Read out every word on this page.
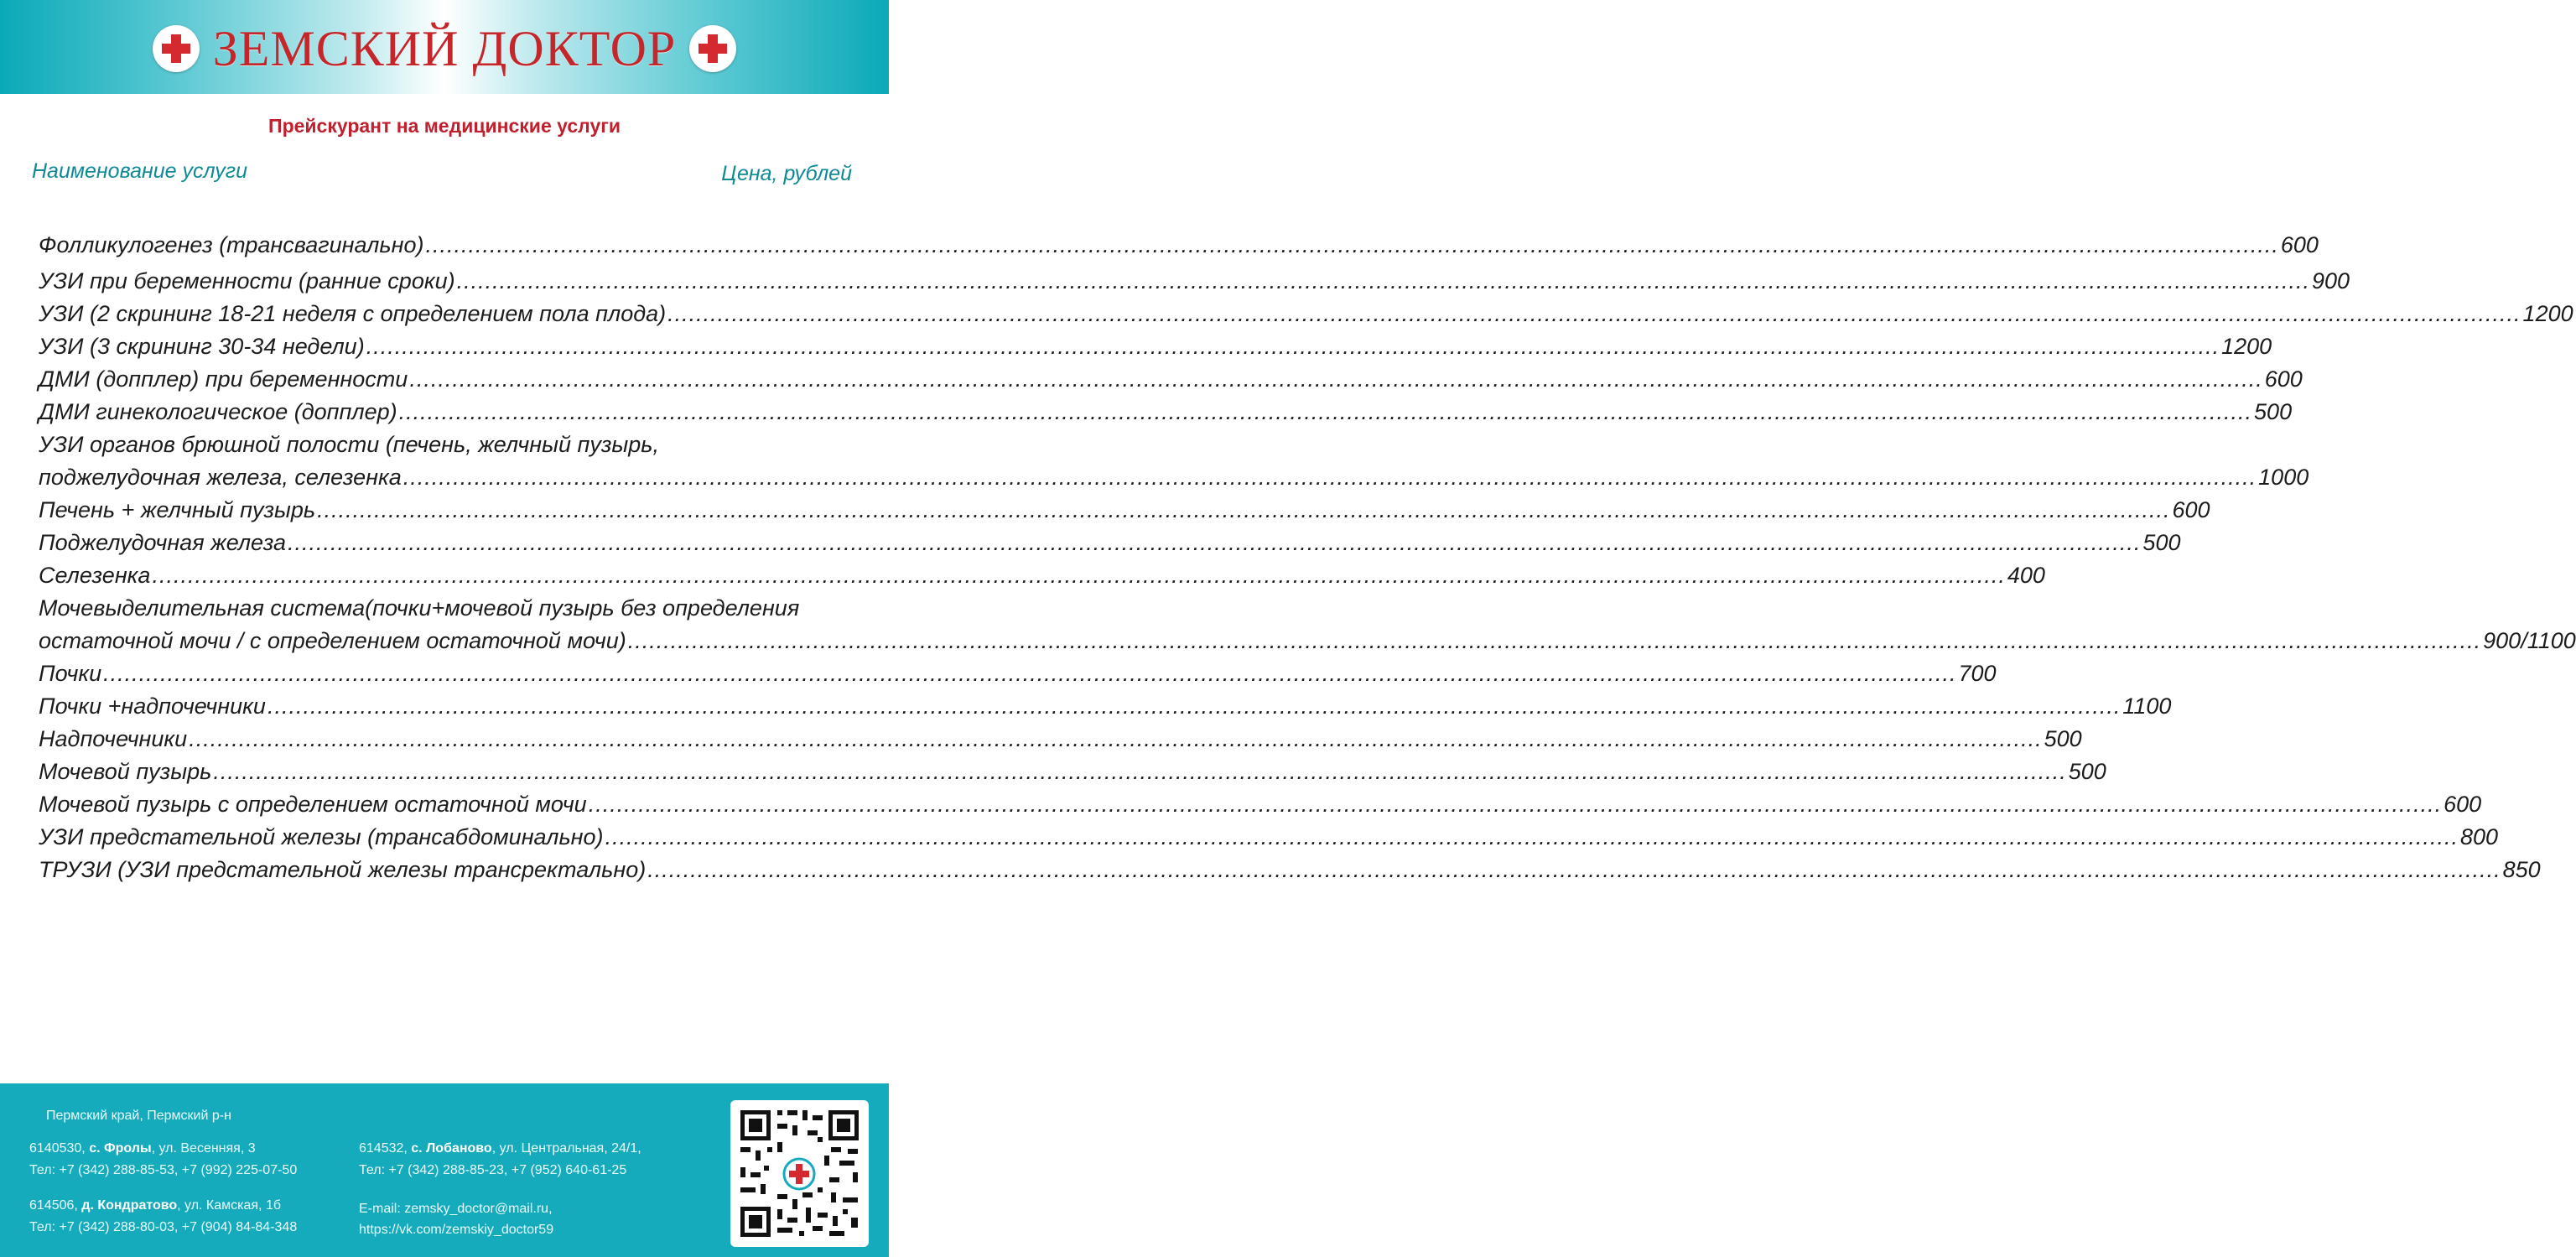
ЗЕМСКИЙ ДОКТОР
Прейскурант на медицинские услуги
Наименование услуги	Цена, рублей
Фолликулогенез (трансвагинально) .................................................................................................................................................................................................................................................................... 600
УЗИ при беременности (ранние сроки) .................................................................................................................................................................................................................................................................... 900
УЗИ (2 скрининг 18-21 неделя с определением пола плода) .................................................................................................................................................................................................................................................................... 1200
УЗИ (3 скрининг 30-34 недели) .................................................................................................................................................................................................................................................................... 1200
ДМИ (допплер) при беременности .................................................................................................................................................................................................................................................................... 600
ДМИ гинекологическое (допплер) .................................................................................................................................................................................................................................................................... 500
УЗИ органов брюшной полости (печень, желчный пузырь,
поджелудочная железа, селезенка .................................................................................................................................................................................................................................................................... 1000
Печень + желчный пузырь .................................................................................................................................................................................................................................................................... 600
Поджелудочная железа .................................................................................................................................................................................................................................................................... 500
Селезенка .................................................................................................................................................................................................................................................................... 400
Мочевыделительная система(почки+мочевой пузырь без определения
остаточной мочи / с определением остаточной мочи) .................................................................................................................................................................................................................................................................... 900/1100
Почки .................................................................................................................................................................................................................................................................... 700
Почки +надпочечники .................................................................................................................................................................................................................................................................... 1100
Надпочечники .................................................................................................................................................................................................................................................................... 500
Мочевой пузырь .................................................................................................................................................................................................................................................................... 500
Мочевой пузырь с определением остаточной мочи .................................................................................................................................................................................................................................................................... 600
УЗИ предстательной железы (трансабдоминально) .................................................................................................................................................................................................................................................................... 800
ТРУЗИ (УЗИ предстательной железы трансректально) .................................................................................................................................................................................................................................................................... 850
Пермский край, Пермский р-н
6140530, с. Фролы, ул. Весенняя, 3
Тел: +7 (342) 288-85-53, +7 (992) 225-07-50
614506, д. Кондратово, ул. Камская, 1б
Тел: +7 (342) 288-80-03, +7 (904) 84-84-348
614532, с. Лобаново, ул. Центральная, 24/1,
Тел: +7 (342) 288-85-23, +7 (952) 640-61-25
E-mail: zemsky_doctor@mail.ru,
https://vk.com/zemskiy_doctor59
